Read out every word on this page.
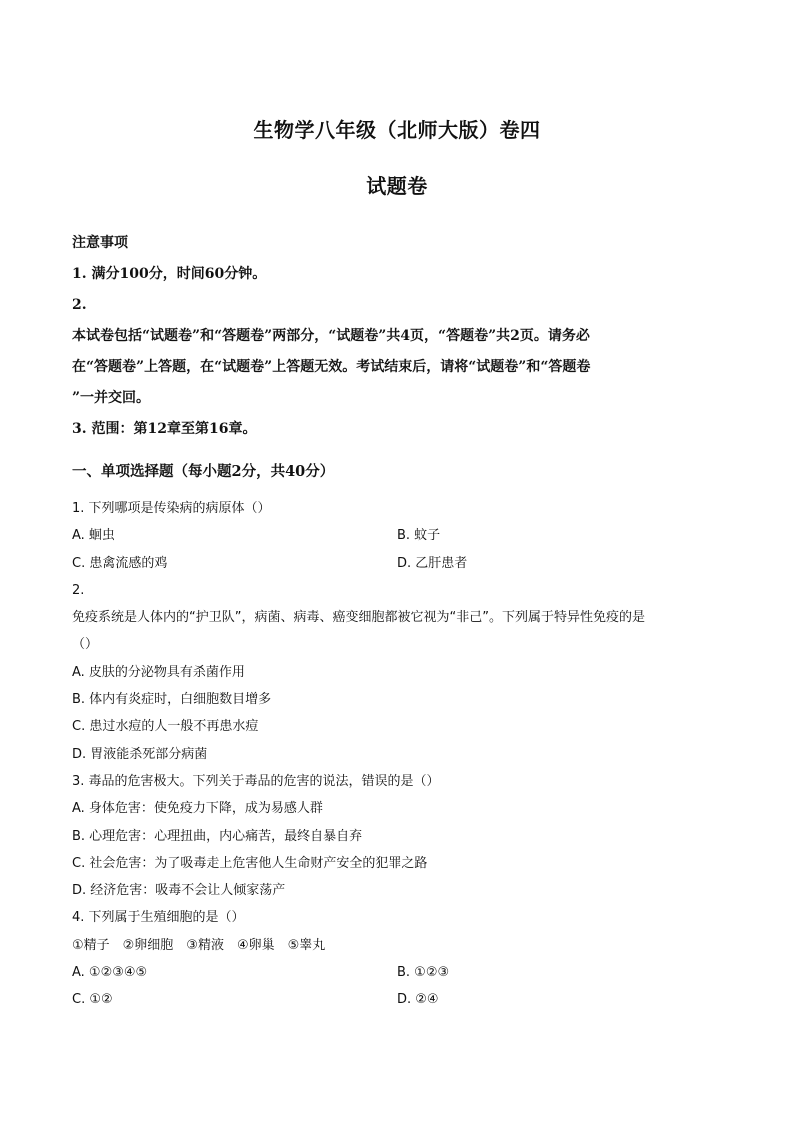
生物学八年级（北师大版）卷四
试题卷
注意事项
1. 满分100分，时间60分钟。
2.
本试卷包括“试题卷”和“答题卷”两部分，“试题卷”共4页，“答题卷”共2页。请务必
在“答题卷”上答题，在“试题卷”上答题无效。考试结束后，请将“试题卷”和“答题卷
”一并交回。
3. 范围：第12章至第16章。
一、单项选择题（每小题2分，共40分）
1. 下列哪项是传染病的病原体（）
A. 蛔虫	B. 蚊子
C. 患禽流感的鸡	D. 乙肝患者
2.
免疫系统是人体内的“护卫队”，病菌、病毒、癌变细胞都被它视为“非己”。下列属于特异性免疫的是
（）
A. 皮肤的分泌物具有杀菌作用
B. 体内有炎症时，白细胞数目增多
C. 患过水痘的人一般不再患水痘
D. 胃液能杀死部分病菌
3. 毒品的危害极大。下列关于毒品的危害的说法，错误的是（）
A. 身体危害：使免疫力下降，成为易感人群
B. 心理危害：心理扭曲，内心痛苦，最终自暴自弃
C. 社会危害：为了吸毒走上危害他人生命财产安全的犯罪之路
D. 经济危害：吸毒不会让人倾家荡产
4. 下列属于生殖细胞的是（）
①精子　②卵细胞　③精液　④卵巢　⑤睾丸
A. ①②③④⑤	B. ①②③
C. ①②	D. ②④
